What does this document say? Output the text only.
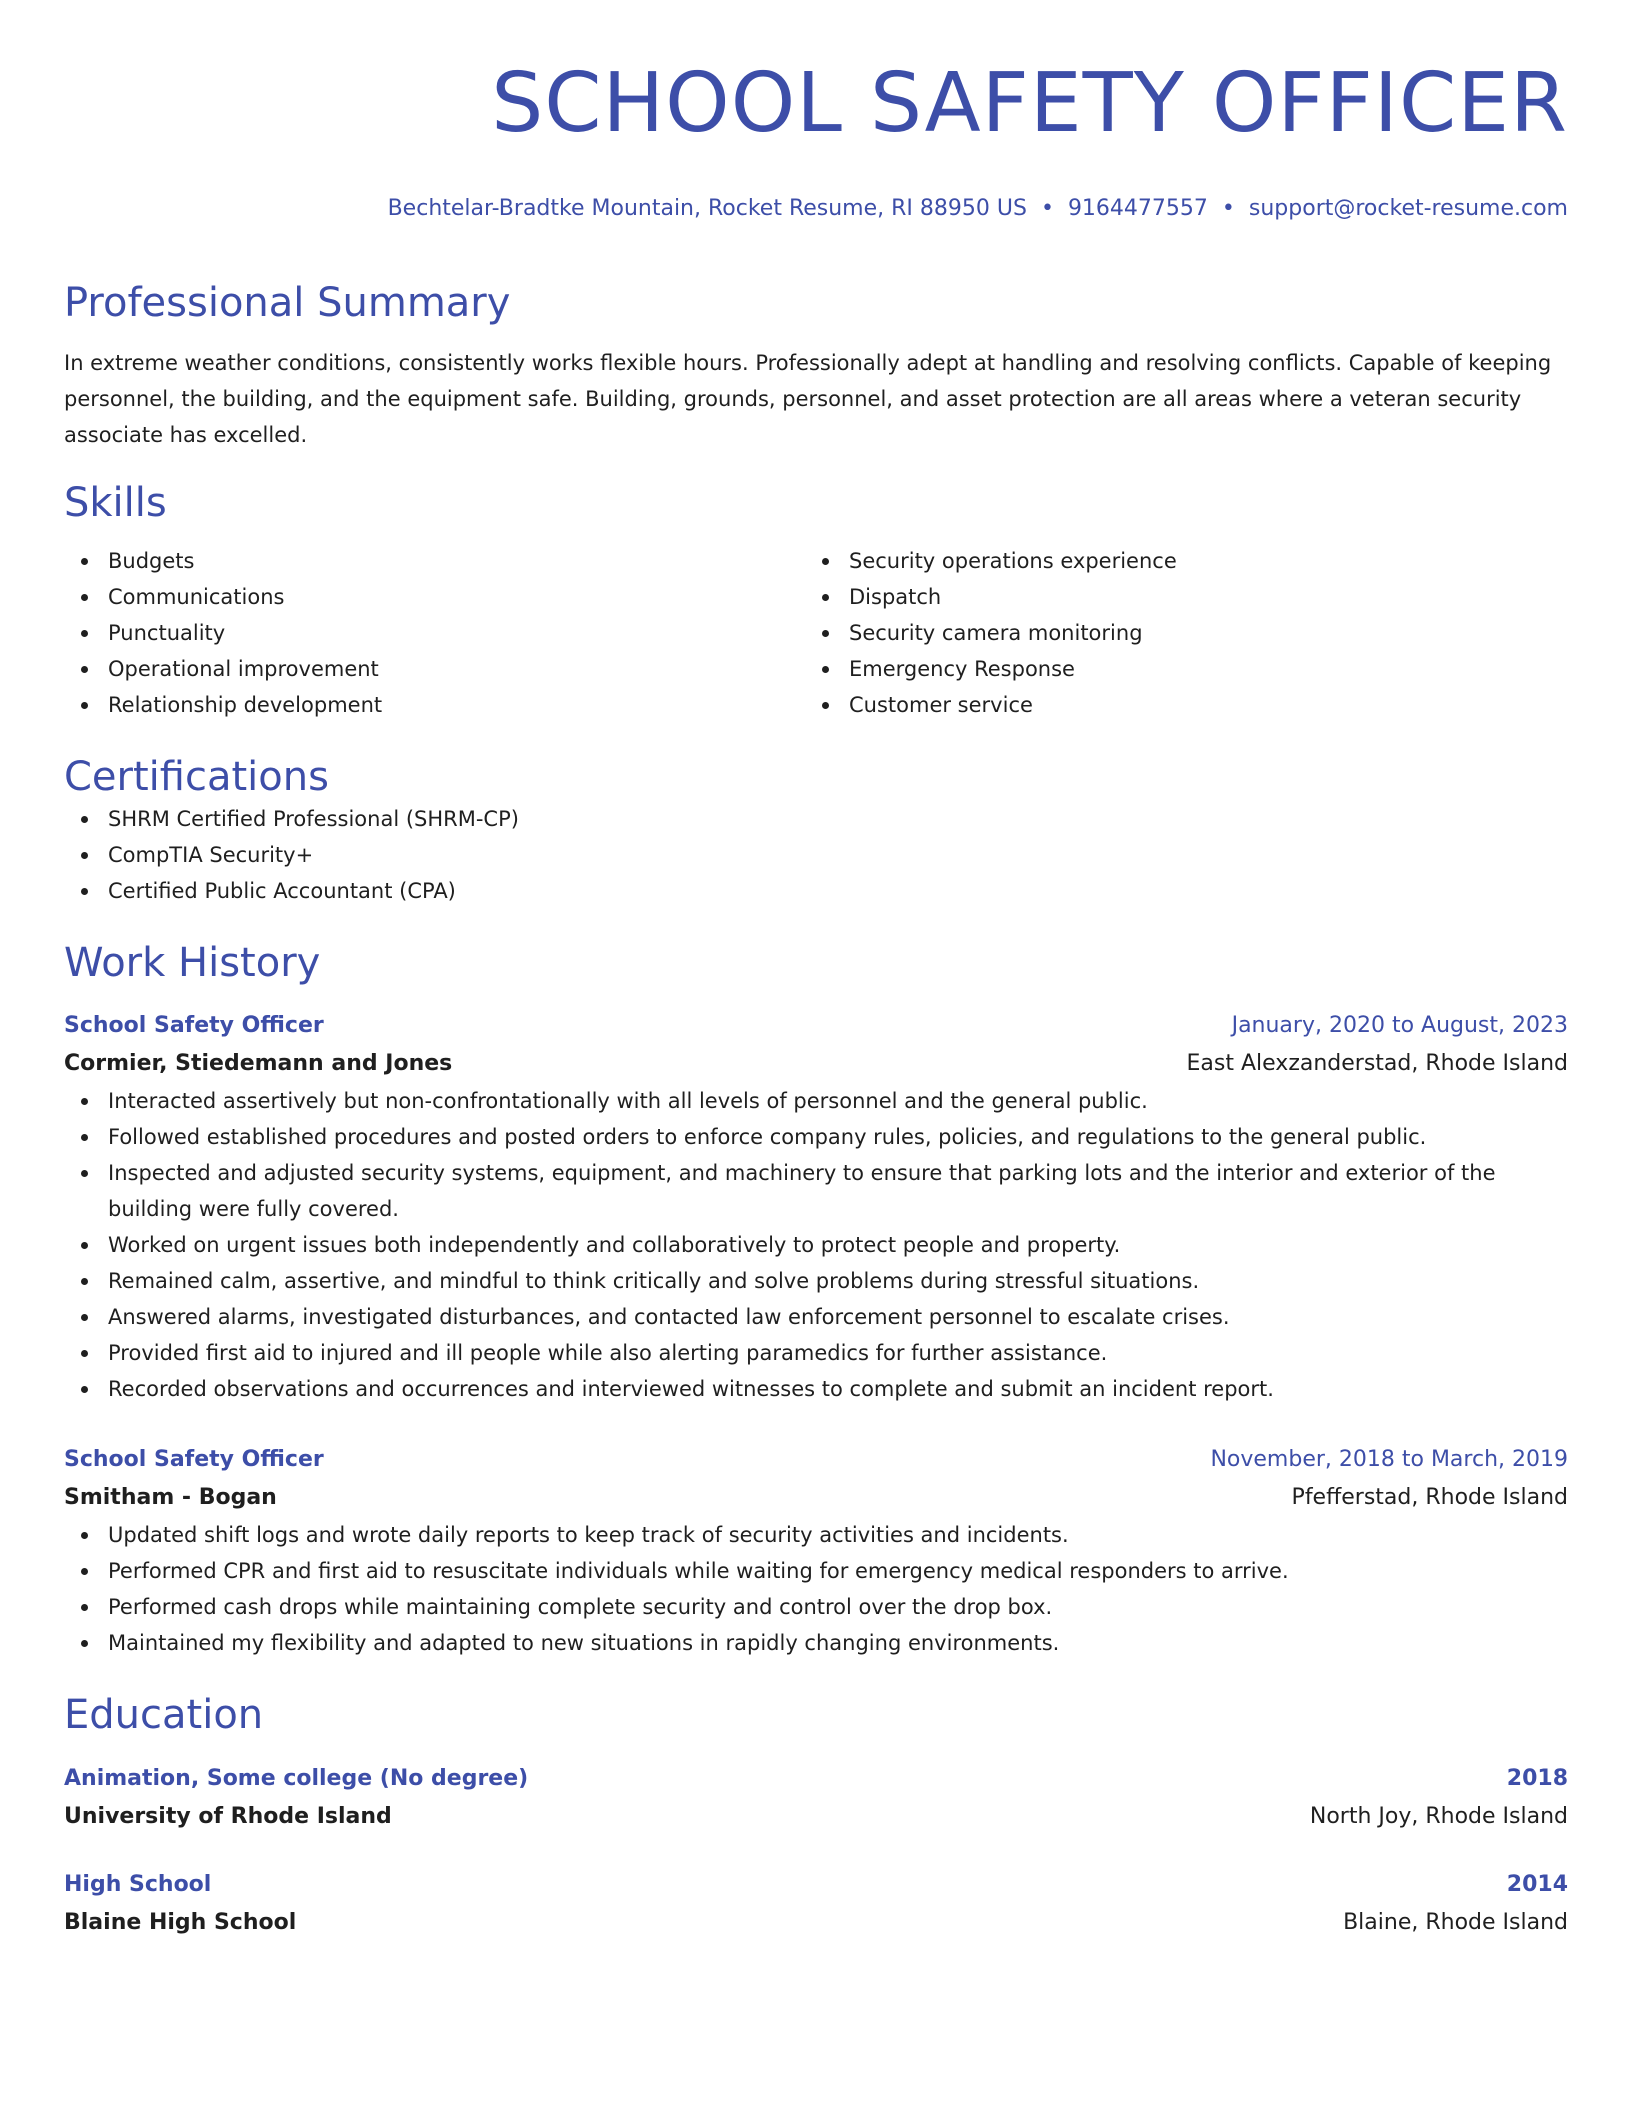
SCHOOL SAFETY OFFICER
Bechtelar-Bradtke Mountain, Rocket Resume, RI 88950 US • 9164477557 • support@rocket-resume.com
Professional Summary
In extreme weather conditions, consistently works flexible hours. Professionally adept at handling and resolving conflicts. Capable of keeping personnel, the building, and the equipment safe. Building, grounds, personnel, and asset protection are all areas where a veteran security associate has excelled.
Skills
Budgets
Communications
Punctuality
Operational improvement
Relationship development
Security operations experience
Dispatch
Security camera monitoring
Emergency Response
Customer service
Certifications
SHRM Certified Professional (SHRM-CP)
CompTIA Security+
Certified Public Accountant (CPA)
Work History
School Safety Officer	January, 2020 to August, 2023
Cormier, Stiedemann and Jones	East Alexzanderstad, Rhode Island
Interacted assertively but non-confrontationally with all levels of personnel and the general public.
Followed established procedures and posted orders to enforce company rules, policies, and regulations to the general public.
Inspected and adjusted security systems, equipment, and machinery to ensure that parking lots and the interior and exterior of the building were fully covered.
Worked on urgent issues both independently and collaboratively to protect people and property.
Remained calm, assertive, and mindful to think critically and solve problems during stressful situations.
Answered alarms, investigated disturbances, and contacted law enforcement personnel to escalate crises.
Provided first aid to injured and ill people while also alerting paramedics for further assistance.
Recorded observations and occurrences and interviewed witnesses to complete and submit an incident report.
School Safety Officer	November, 2018 to March, 2019
Smitham - Bogan	Pfefferstad, Rhode Island
Updated shift logs and wrote daily reports to keep track of security activities and incidents.
Performed CPR and first aid to resuscitate individuals while waiting for emergency medical responders to arrive.
Performed cash drops while maintaining complete security and control over the drop box.
Maintained my flexibility and adapted to new situations in rapidly changing environments.
Education
Animation, Some college (No degree)	2018
University of Rhode Island	North Joy, Rhode Island
High School	2014
Blaine High School	Blaine, Rhode Island
